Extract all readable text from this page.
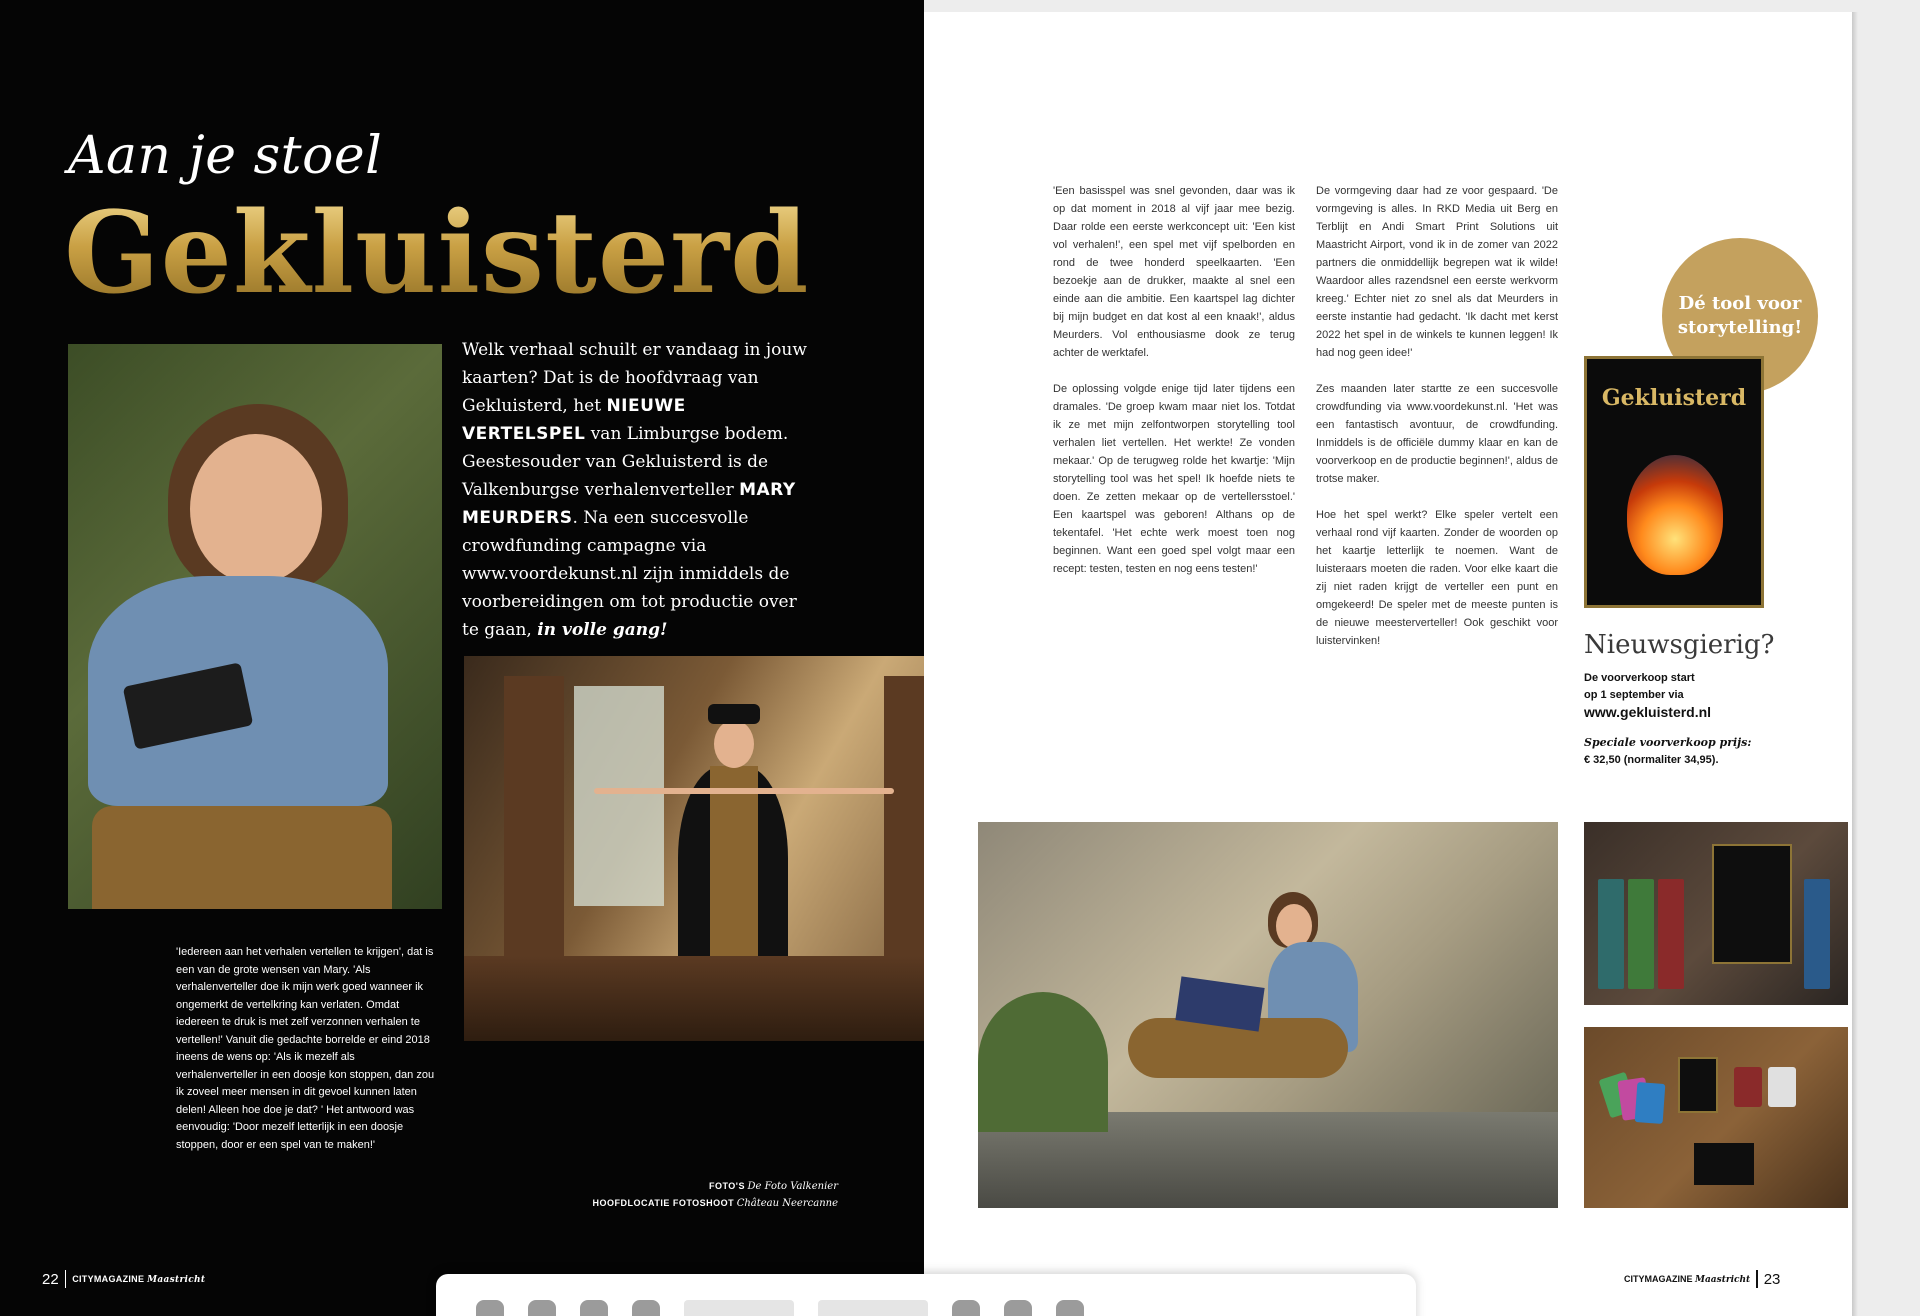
Aan je stoel
Gekluisterd
Welk verhaal schuilt er vandaag in jouw kaarten? Dat is de hoofdvraag van Gekluisterd, het NIEUWE VERTELSPEL van Limburgse bodem. Geestesouder van Gekluisterd is de Valkenburgse verhalenverteller MARY MEURDERS. Na een succesvolle crowdfunding campagne via www.voordekunst.nl zijn inmiddels de voorbereidingen om tot productie over te gaan, in volle gang!
'Iedereen aan het verhalen vertellen te krijgen', dat is een van de grote wensen van Mary. 'Als verhalenverteller doe ik mijn werk goed wanneer ik ongemerkt de vertelkring kan verlaten. Omdat iedereen te druk is met zelf verzonnen verhalen te vertellen!' Vanuit die gedachte borrelde er eind 2018 ineens de wens op: 'Als ik mezelf als verhalenverteller in een doosje kon stoppen, dan zou ik zoveel meer mensen in dit gevoel kunnen laten delen! Alleen hoe doe je dat? ' Het antwoord was eenvoudig: 'Door mezelf letterlijk in een doosje stoppen, door er een spel van te maken!'
FOTO'S De Foto Valkenier
HOOFDLOCATIE FOTOSHOOT Château Neercanne
22 CITYMAGAZINE Maastricht

'Een basisspel was snel gevonden, daar was ik op dat moment in 2018 al vijf jaar mee bezig. Daar rolde een eerste werkconcept uit: 'Een kist vol verhalen!', een spel met vijf spelborden en rond de twee honderd speelkaarten. 'Een bezoekje aan de drukker, maakte al snel een einde aan die ambitie. Een kaartspel lag dichter bij mijn budget en dat kost al een knaak!', aldus Meurders. Vol enthousiasme dook ze terug achter de werktafel.

De oplossing volgde enige tijd later tijdens een dramales. 'De groep kwam maar niet los. Totdat ik ze met mijn zelfontworpen storytelling tool verhalen liet vertellen. Het werkte! Ze vonden mekaar.' Op de terugweg rolde het kwartje: 'Mijn storytelling tool was het spel! Ik hoefde niets te doen. Ze zetten mekaar op de vertellersstoel.' Een kaartspel was geboren! Althans op de tekentafel. 'Het echte werk moest toen nog beginnen. Want een goed spel volgt maar een recept: testen, testen en nog eens testen!'

De vormgeving daar had ze voor gespaard. 'De vormgeving is alles. In RKD Media uit Berg en Terblijt en Andi Smart Print Solutions uit Maastricht Airport, vond ik in de zomer van 2022 partners die onmiddellijk begrepen wat ik wilde! Waardoor alles razendsnel een eerste werkvorm kreeg.' Echter niet zo snel als dat Meurders in eerste instantie had gedacht. 'Ik dacht met kerst 2022 het spel in de winkels te kunnen leggen! Ik had nog geen idee!'

Zes maanden later startte ze een succesvolle crowdfunding via www.voordekunst.nl. 'Het was een fantastisch avontuur, de crowdfunding. Inmiddels is de officiële dummy klaar en kan de voorverkoop en de productie beginnen!', aldus de trotse maker.

Hoe het spel werkt? Elke speler vertelt een verhaal rond vijf kaarten. Zonder de woorden op het kaartje letterlijk te noemen. Want de luisteraars moeten die raden. Voor elke kaart die zij niet raden krijgt de verteller een punt en omgekeerd! De speler met de meeste punten is de nieuwe meesterverteller! Ook geschikt voor luistervinken!

Dé tool voor storytelling!
Gekluisterd
Nieuwsgierig?
De voorverkoop start
op 1 september via
www.gekluisterd.nl
Speciale voorverkoop prijs:
€ 32,50 (normaliter 34,95).
CITYMAGAZINE Maastricht 23
